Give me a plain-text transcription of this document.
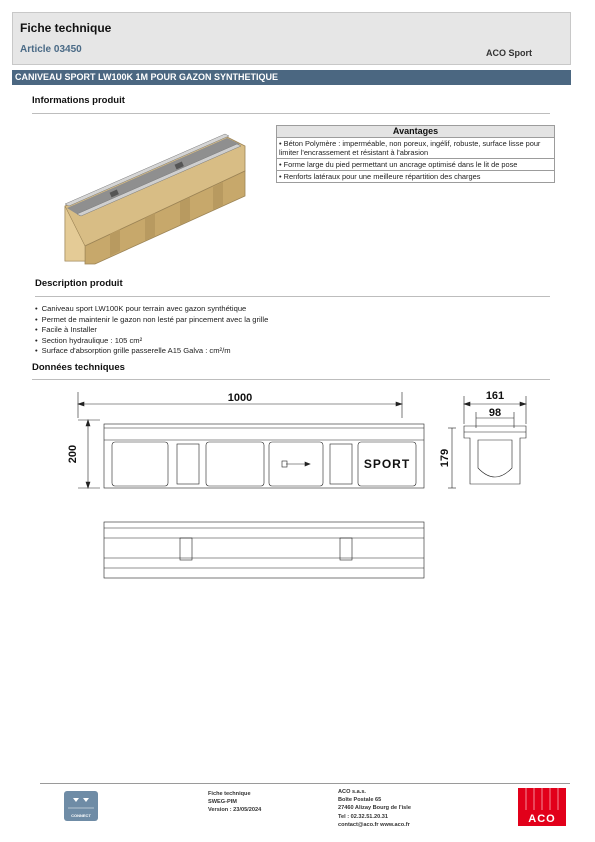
Fiche technique
Article 03450	ACO Sport
CANIVEAU SPORT LW100K 1M POUR GAZON SYNTHETIQUE
Informations produit
Avantages
• Béton Polymère : imperméable, non poreux, ingélif, robuste, surface lisse pour limiter l'encrassement et résistant à l'abrasion
• Forme large du pied permettant un ancrage optimisé dans le lit de pose
• Renforts latéraux pour une meilleure répartition des charges
Description produit
• Caniveau sport LW100K pour terrain avec gazon synthétique
• Permet de maintenir le gazon non lesté par pincement avec la grille
• Facile à Installer
• Section hydraulique : 105 cm²
• Surface d'absorption grille passerelle A15 Galva : cm²/m
Données techniques
1000
200
161
98
179
SPORT
CONNECT
Fiche technique
SWEG-PIM
Version : 23/05/2024
ACO s.a.s.
Boîte Postale 65
27460 Alizay Bourg de l'isle
Tel : 02.32.51.20.31
contact@aco.fr www.aco.fr	ACO
